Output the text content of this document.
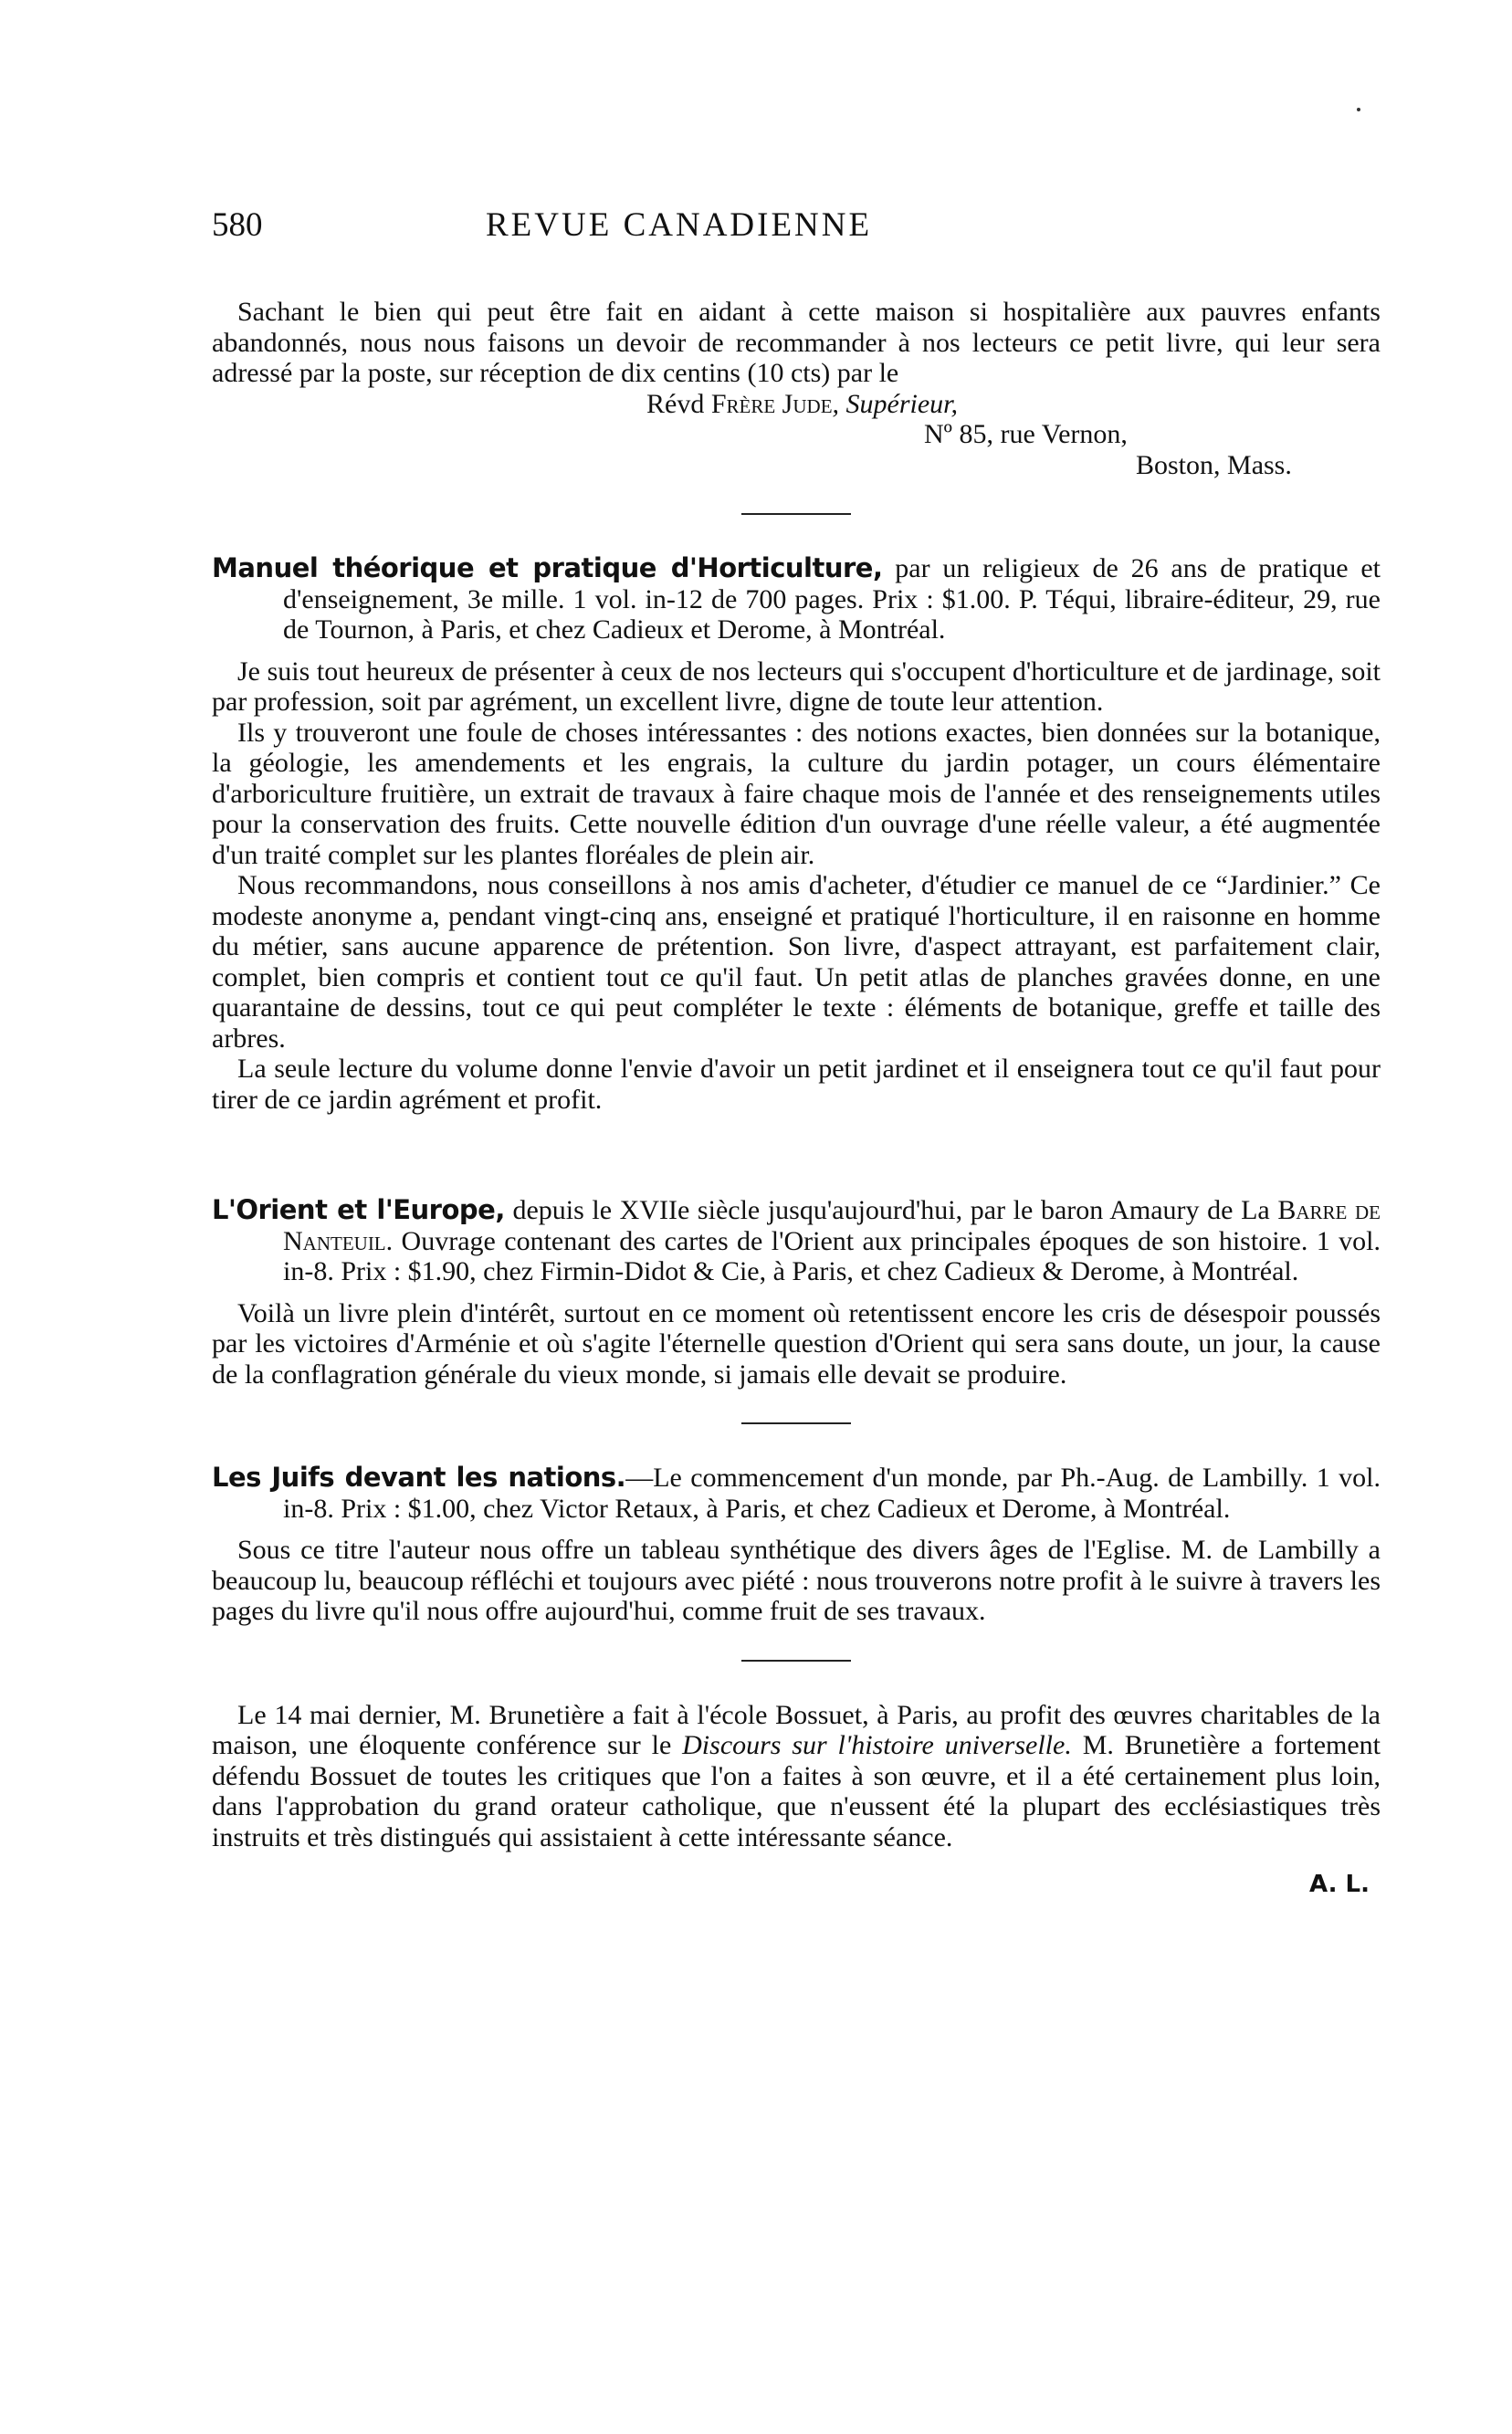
580	REVUE CANADIENNE

Sachant le bien qui peut être fait en aidant à cette maison si hospitalière aux pauvres enfants abandonnés, nous nous faisons un devoir de recommander à nos lecteurs ce petit livre, qui leur sera adressé par la poste, sur réception de dix centins (10 cts) par le

Révd Frère Jude, Supérieur,
Nº 85, rue Vernon,
Boston, Mass.

Manuel théorique et pratique d'Horticulture, par un religieux de 26 ans de pratique et d'enseignement, 3e mille. 1 vol. in-12 de 700 pages. Prix : $1.00. P. Téqui, libraire-éditeur, 29, rue de Tournon, à Paris, et chez Cadieux et Derome, à Montréal.

Je suis tout heureux de présenter à ceux de nos lecteurs qui s'occupent d'horticulture et de jardinage, soit par profession, soit par agrément, un excellent livre, digne de toute leur attention.

Ils y trouveront une foule de choses intéressantes : des notions exactes, bien données sur la botanique, la géologie, les amendements et les engrais, la culture du jardin potager, un cours élémentaire d'arboriculture fruitière, un extrait de travaux à faire chaque mois de l'année et des renseignements utiles pour la conservation des fruits. Cette nouvelle édition d'un ouvrage d'une réelle valeur, a été augmentée d'un traité complet sur les plantes floréales de plein air.

Nous recommandons, nous conseillons à nos amis d'acheter, d'étudier ce manuel de ce “Jardinier.” Ce modeste anonyme a, pendant vingt-cinq ans, enseigné et pratiqué l'horticulture, il en raisonne en homme du métier, sans aucune apparence de prétention. Son livre, d'aspect attrayant, est parfaitement clair, complet, bien compris et contient tout ce qu'il faut. Un petit atlas de planches gravées donne, en une quarantaine de dessins, tout ce qui peut compléter le texte : éléments de botanique, greffe et taille des arbres.

La seule lecture du volume donne l'envie d'avoir un petit jardinet et il enseignera tout ce qu'il faut pour tirer de ce jardin agrément et profit.

L'Orient et l'Europe, depuis le XVIIe siècle jusqu'aujourd'hui, par le baron Amaury de La Barre de Nanteuil. Ouvrage contenant des cartes de l'Orient aux principales époques de son histoire. 1 vol. in-8. Prix : $1.90, chez Firmin-Didot & Cie, à Paris, et chez Cadieux & Derome, à Montréal.

Voilà un livre plein d'intérêt, surtout en ce moment où retentissent encore les cris de désespoir poussés par les victoires d'Arménie et où s'agite l'éternelle question d'Orient qui sera sans doute, un jour, la cause de la conflagration générale du vieux monde, si jamais elle devait se produire.

Les Juifs devant les nations.—Le commencement d'un monde, par Ph.-Aug. de Lambilly. 1 vol. in-8. Prix : $1.00, chez Victor Retaux, à Paris, et chez Cadieux et Derome, à Montréal.

Sous ce titre l'auteur nous offre un tableau synthétique des divers âges de l'Eglise. M. de Lambilly a beaucoup lu, beaucoup réfléchi et toujours avec piété : nous trouverons notre profit à le suivre à travers les pages du livre qu'il nous offre aujourd'hui, comme fruit de ses travaux.

Le 14 mai dernier, M. Brunetière a fait à l'école Bossuet, à Paris, au profit des œuvres charitables de la maison, une éloquente conférence sur le Discours sur l'histoire universelle. M. Brunetière a fortement défendu Bossuet de toutes les critiques que l'on a faites à son œuvre, et il a été certainement plus loin, dans l'approbation du grand orateur catholique, que n'eussent été la plupart des ecclésiastiques très instruits et très distingués qui assistaient à cette intéressante séance.

A. L.
